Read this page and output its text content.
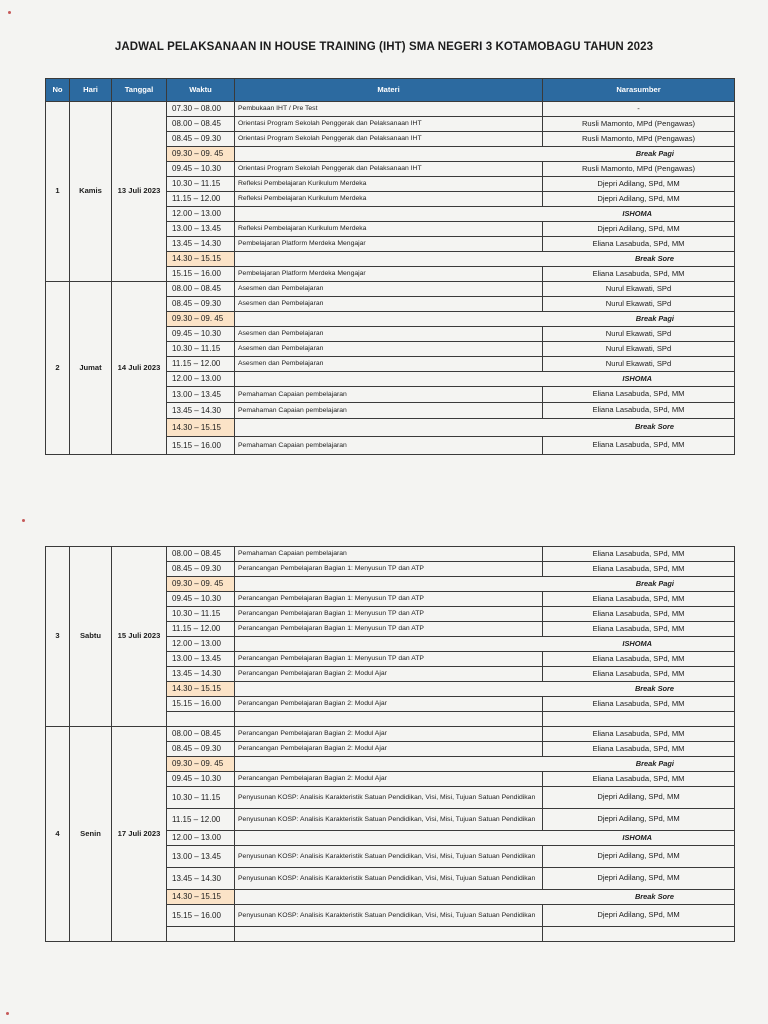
JADWAL PELAKSANAAN IN HOUSE TRAINING (IHT) SMA NEGERI 3 KOTAMOBAGU TAHUN 2023
No	Hari	Tanggal	Waktu	Materi	Narasumber
1	Kamis	13 Juli 2023	07.30 – 08.00	Pembukaan IHT / Pre Test	-
			08.00 – 08.45	Orientasi Program Sekolah Penggerak dan Pelaksanaan IHT	Rusli Mamonto, MPd (Pengawas)
			08.45 – 09.30	Orientasi Program Sekolah Penggerak dan Pelaksanaan IHT	Rusli Mamonto, MPd (Pengawas)
			09.30 – 09. 45	Break Pagi	
			09.45 – 10.30	Orientasi Program Sekolah Penggerak dan Pelaksanaan IHT	Rusli Mamonto, MPd (Pengawas)
			10.30 – 11.15	Refleksi Pembelajaran Kurikulum Merdeka	Djepri Adilang, SPd, MM
			11.15 – 12.00	Refleksi Pembelajaran Kurikulum Merdeka	Djepri Adilang, SPd, MM
			12.00 – 13.00	ISHOMA	
			13.00 – 13.45	Refleksi Pembelajaran Kurikulum Merdeka	Djepri Adilang, SPd, MM
			13.45 – 14.30	Pembelajaran Platform Merdeka Mengajar	Eliana Lasabuda, SPd, MM
			14.30 – 15.15	Break Sore	
			15.15 – 16.00	Pembelajaran Platform Merdeka Mengajar	Eliana Lasabuda, SPd, MM
2	Jumat	14 Juli 2023	08.00 – 08.45	Asesmen dan Pembelajaran	Nurul Ekawati, SPd
			08.45 – 09.30	Asesmen dan Pembelajaran	Nurul Ekawati, SPd
			09.30 – 09. 45	Break Pagi	
			09.45 – 10.30	Asesmen dan Pembelajaran	Nurul Ekawati, SPd
			10.30 – 11.15	Asesmen dan Pembelajaran	Nurul Ekawati, SPd
			11.15 – 12.00	Asesmen dan Pembelajaran	Nurul Ekawati, SPd
			12.00 – 13.00	ISHOMA	
			13.00 – 13.45	Pemahaman Capaian pembelajaran	Eliana Lasabuda, SPd, MM
			13.45 – 14.30	Pemahaman Capaian pembelajaran	Eliana Lasabuda, SPd, MM
			14.30 – 15.15	Break Sore	
			15.15 – 16.00	Pemahaman Capaian pembelajaran	Eliana Lasabuda, SPd, MM
3	Sabtu	15 Juli 2023	08.00 – 08.45	Pemahaman Capaian pembelajaran	Eliana Lasabuda, SPd, MM
			08.45 – 09.30	Perancangan Pembelajaran Bagian 1: Menyusun TP dan ATP	Eliana Lasabuda, SPd, MM
			09.30 – 09. 45	Break Pagi	
			09.45 – 10.30	Perancangan Pembelajaran Bagian 1: Menyusun TP dan ATP	Eliana Lasabuda, SPd, MM
			10.30 – 11.15	Perancangan Pembelajaran Bagian 1: Menyusun TP dan ATP	Eliana Lasabuda, SPd, MM
			11.15 – 12.00	Perancangan Pembelajaran Bagian 1: Menyusun TP dan ATP	Eliana Lasabuda, SPd, MM
			12.00 – 13.00	ISHOMA	
			13.00 – 13.45	Perancangan Pembelajaran Bagian 1: Menyusun TP dan ATP	Eliana Lasabuda, SPd, MM
			13.45 – 14.30	Perancangan Pembelajaran Bagian 2: Modul Ajar	Eliana Lasabuda, SPd, MM
			14.30 – 15.15	Break Sore	
			15.15 – 16.00	Perancangan Pembelajaran Bagian 2: Modul Ajar	Eliana Lasabuda, SPd, MM

4	Senin	17 Juli 2023	08.00 – 08.45	Perancangan Pembelajaran Bagian 2: Modul Ajar	Eliana Lasabuda, SPd, MM
			08.45 – 09.30	Perancangan Pembelajaran Bagian 2: Modul Ajar	Eliana Lasabuda, SPd, MM
			09.30 – 09. 45	Break Pagi	
			09.45 – 10.30	Perancangan Pembelajaran Bagian 2: Modul Ajar	Eliana Lasabuda, SPd, MM
			10.30 – 11.15	Penyusunan KOSP: Analisis Karakteristik Satuan Pendidikan, Visi, Misi, Tujuan Satuan Pendidikan	Djepri Adilang, SPd, MM
			11.15 – 12.00	Penyusunan KOSP: Analisis Karakteristik Satuan Pendidikan, Visi, Misi, Tujuan Satuan Pendidikan	Djepri Adilang, SPd, MM
			12.00 – 13.00	ISHOMA	
			13.00 – 13.45	Penyusunan KOSP: Analisis Karakteristik Satuan Pendidikan, Visi, Misi, Tujuan Satuan Pendidikan	Djepri Adilang, SPd, MM
			13.45 – 14.30	Penyusunan KOSP: Analisis Karakteristik Satuan Pendidikan, Visi, Misi, Tujuan Satuan Pendidikan	Djepri Adilang, SPd, MM
			14.30 – 15.15	Break Sore	
			15.15 – 16.00	Penyusunan KOSP: Analisis Karakteristik Satuan Pendidikan, Visi, Misi, Tujuan Satuan Pendidikan	Djepri Adilang, SPd, MM
